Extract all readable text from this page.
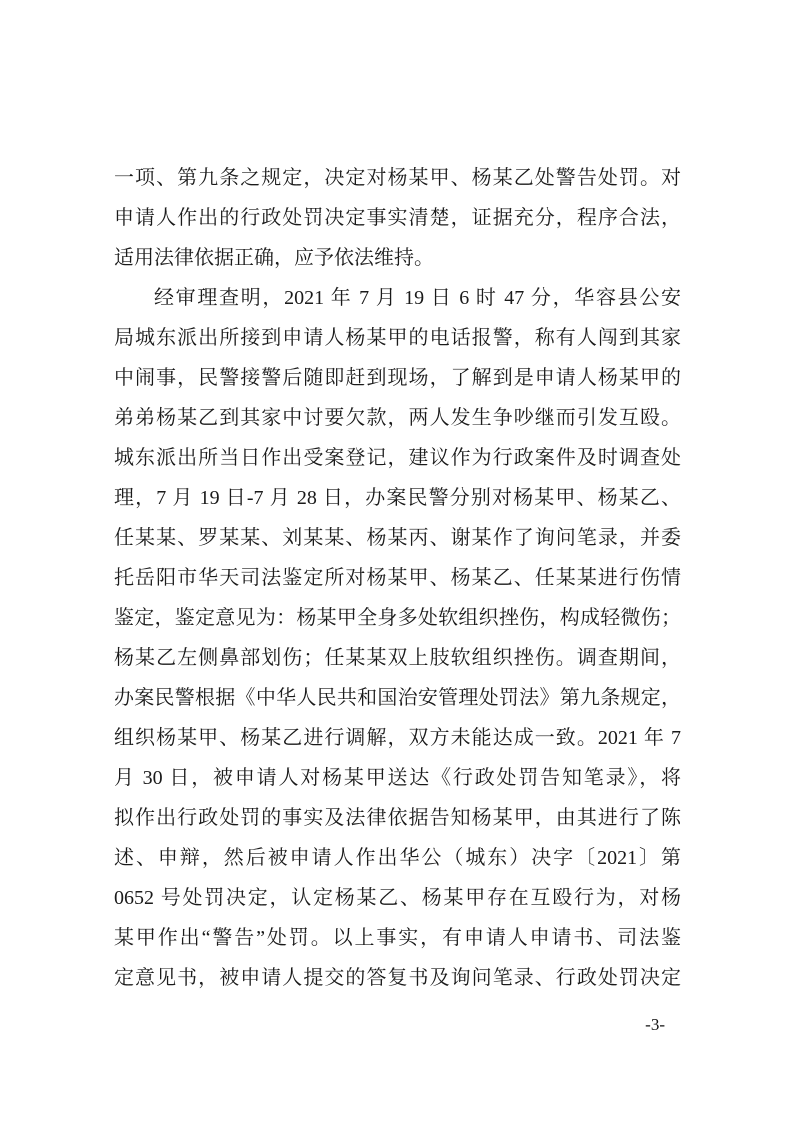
一项、第九条之规定，决定对杨某甲、杨某乙处警告处罚。对
申请人作出的行政处罚决定事实清楚，证据充分，程序合法，
适用法律依据正确，应予依法维持。
经审理查明，2021 年 7 月 19 日 6 时 47 分，华容县公安
局城东派出所接到申请人杨某甲的电话报警，称有人闯到其家
中闹事，民警接警后随即赶到现场，了解到是申请人杨某甲的
弟弟杨某乙到其家中讨要欠款，两人发生争吵继而引发互殴。
城东派出所当日作出受案登记，建议作为行政案件及时调查处
理，7 月 19 日-7 月 28 日，办案民警分别对杨某甲、杨某乙、
任某某、罗某某、刘某某、杨某丙、谢某作了询问笔录，并委
托岳阳市华天司法鉴定所对杨某甲、杨某乙、任某某进行伤情
鉴定，鉴定意见为：杨某甲全身多处软组织挫伤，构成轻微伤；
杨某乙左侧鼻部划伤；任某某双上肢软组织挫伤。调查期间，
办案民警根据《中华人民共和国治安管理处罚法》第九条规定，
组织杨某甲、杨某乙进行调解，双方未能达成一致。2021 年 7
月 30 日，被申请人对杨某甲送达《行政处罚告知笔录》，将
拟作出行政处罚的事实及法律依据告知杨某甲，由其进行了陈
述、申辩，然后被申请人作出华公（城东）决字〔2021〕第
0652 号处罚决定，认定杨某乙、杨某甲存在互殴行为，对杨
某甲作出“警告”处罚。以上事实，有申请人申请书、司法鉴
定意见书，被申请人提交的答复书及询问笔录、行政处罚决定
-3-
